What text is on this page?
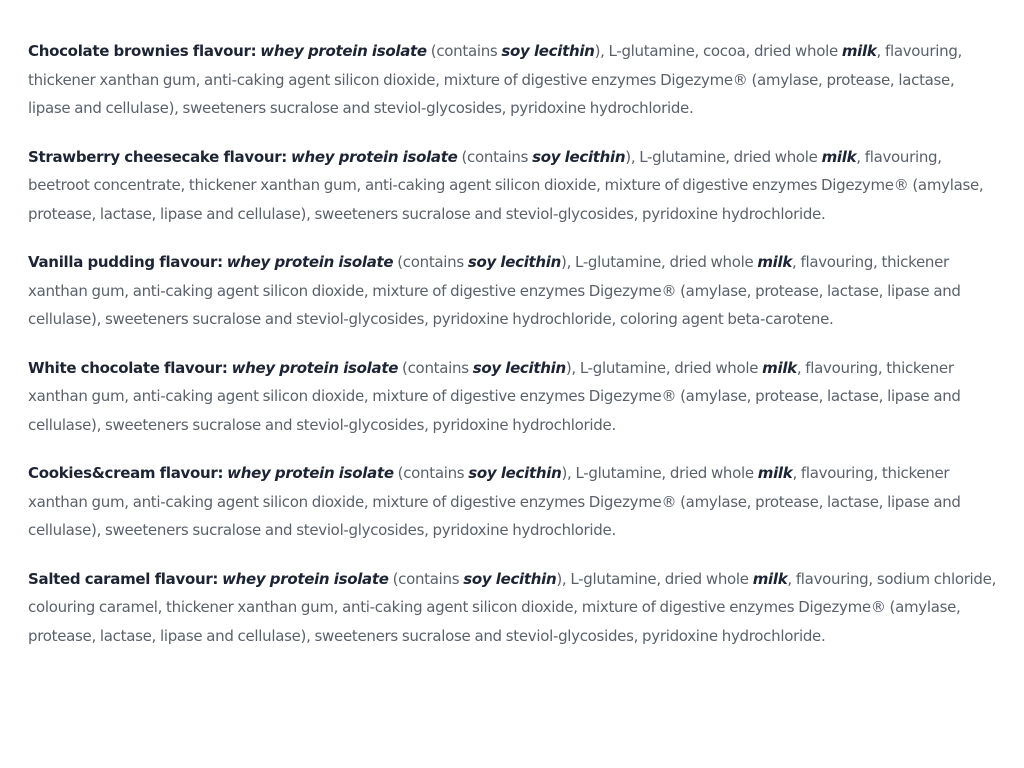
Chocolate brownies flavour: whey protein isolate (contains soy lecithin), L-glutamine, cocoa, dried whole milk, flavouring, thickener xanthan gum, anti-caking agent silicon dioxide, mixture of digestive enzymes Digezyme® (amylase, protease, lactase, lipase and cellulase), sweeteners sucralose and steviol-glycosides, pyridoxine hydrochloride.

Strawberry cheesecake flavour: whey protein isolate (contains soy lecithin), L-glutamine, dried whole milk, flavouring, beetroot concentrate, thickener xanthan gum, anti-caking agent silicon dioxide, mixture of digestive enzymes Digezyme® (amylase, protease, lactase, lipase and cellulase), sweeteners sucralose and steviol-glycosides, pyridoxine hydrochloride.

Vanilla pudding flavour: whey protein isolate (contains soy lecithin), L-glutamine, dried whole milk, flavouring, thickener xanthan gum, anti-caking agent silicon dioxide, mixture of digestive enzymes Digezyme® (amylase, protease, lactase, lipase and cellulase), sweeteners sucralose and steviol-glycosides, pyridoxine hydrochloride, coloring agent beta-carotene.

White chocolate flavour: whey protein isolate (contains soy lecithin), L-glutamine, dried whole milk, flavouring, thickener xanthan gum, anti-caking agent silicon dioxide, mixture of digestive enzymes Digezyme® (amylase, protease, lactase, lipase and cellulase), sweeteners sucralose and steviol-glycosides, pyridoxine hydrochloride.

Cookies&cream flavour: whey protein isolate (contains soy lecithin), L-glutamine, dried whole milk, flavouring, thickener xanthan gum, anti-caking agent silicon dioxide, mixture of digestive enzymes Digezyme® (amylase, protease, lactase, lipase and cellulase), sweeteners sucralose and steviol-glycosides, pyridoxine hydrochloride.

Salted caramel flavour: whey protein isolate (contains soy lecithin), L-glutamine, dried whole milk, flavouring, sodium chloride, colouring caramel, thickener xanthan gum, anti-caking agent silicon dioxide, mixture of digestive enzymes Digezyme® (amylase, protease, lactase, lipase and cellulase), sweeteners sucralose and steviol-glycosides, pyridoxine hydrochloride.
